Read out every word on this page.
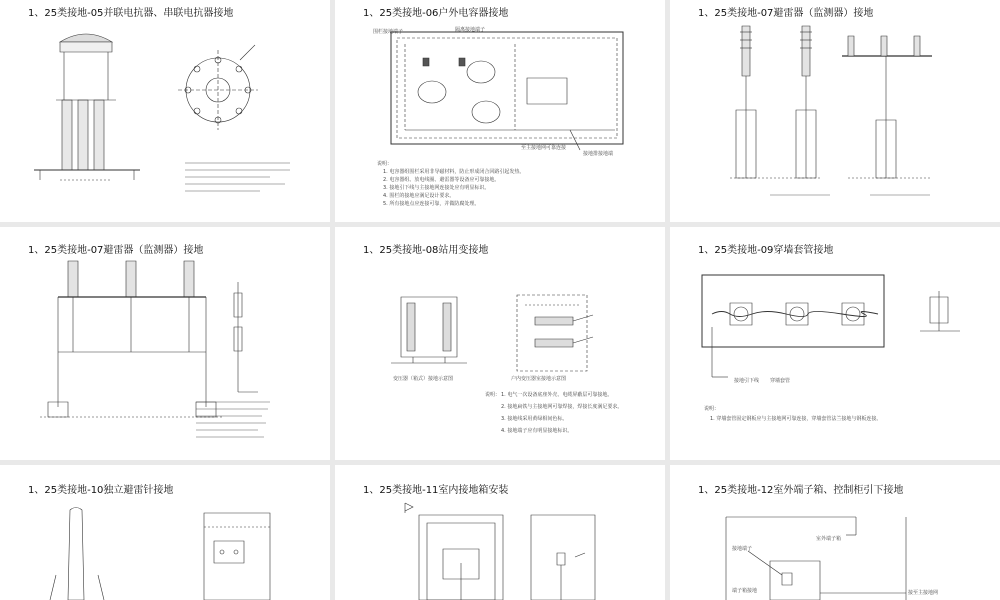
1、25类接地-05并联电抗器、串联电抗器接地	1、25类接地-06户外电容器接地
隔离接地端子
围栏接地端子
至主接地网可靠连接
接地排接地端
说明：
1. 电容器组围栏采用非导磁材料，防止形成闭合回路引起发热。
2. 电容器组、放电线圈、避雷器等设备应可靠接地。
3. 接地引下线与主接地网连接处应有明显标识。
4. 围栏的接地应满足设计要求。
5. 所有接地点应连接可靠，并做防腐处理。
1、25类接地-07避雷器（监测器）接地
1、25类接地-07避雷器（监测器）接地	1、25类接地-08站用变接地
变压器（箱式）接地示意图	户内变压器室接地示意图
说明： 1. 电气一次设备底座外壳、电缆屏蔽层可靠接地。
2. 接地扁铁与主接地网可靠焊接，焊接长度满足要求。
3. 接地线采用黄绿相间色标。
4. 接地端子应有明显接地标识。
1、25类接地-09穿墙套管接地
穿墙套管
接地引下线
说明：
1. 穿墙套管固定钢板应与主接地网可靠连接，穿墙套管法兰接地与钢板连接。
1、25类接地-10独立避雷针接地	1、25类接地-11室内接地箱安装	1、25类接地-12室外端子箱、控制柜引下接地
接地端子
室外端子箱
端子箱接地	接至主接地网
